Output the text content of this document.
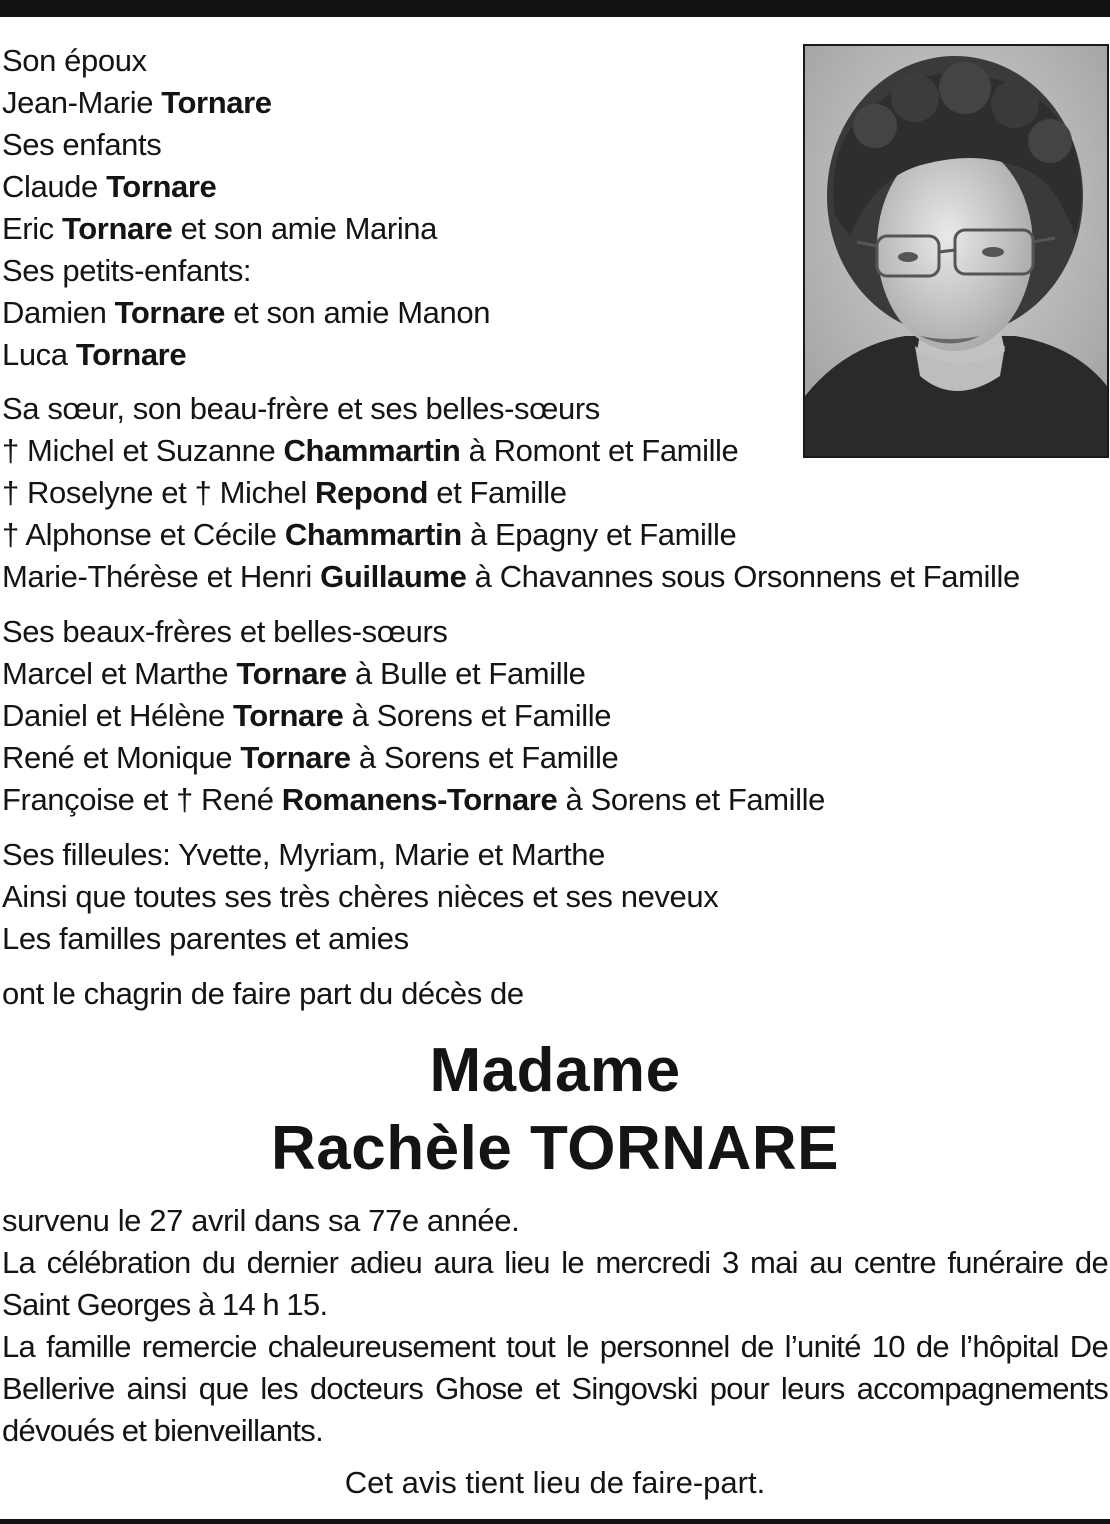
Son époux
Jean-Marie Tornare
Ses enfants
Claude Tornare
Eric Tornare et son amie Marina
Ses petits-enfants:
Damien Tornare et son amie Manon
Luca Tornare
Sa sœur, son beau-frère et ses belles-sœurs
† Michel et Suzanne Chammartin à Romont et Famille
† Roselyne et † Michel Repond et Famille
† Alphonse et Cécile Chammartin à Epagny et Famille
Marie-Thérèse et Henri Guillaume à Chavannes sous Orsonnens et Famille
Ses beaux-frères et belles-sœurs
Marcel et Marthe Tornare à Bulle et Famille
Daniel et Hélène Tornare à Sorens et Famille
René et Monique Tornare à Sorens et Famille
Françoise et † René Romanens-Tornare à Sorens et Famille
Ses filleules: Yvette, Myriam, Marie et Marthe
Ainsi que toutes ses très chères nièces et ses neveux
Les familles parentes et amies
ont le chagrin de faire part du décès de
Madame
Rachèle TORNARE
survenu le 27 avril dans sa 77e année.
La célébration du dernier adieu aura lieu le mercredi 3 mai au centre funéraire de Saint Georges à 14 h 15.
La famille remercie chaleureusement tout le personnel de l’unité 10 de l’hôpital De Bellerive ainsi que les docteurs Ghose et Singovski pour leurs accompagnements dévoués et bienveillants.
Cet avis tient lieu de faire-part.
